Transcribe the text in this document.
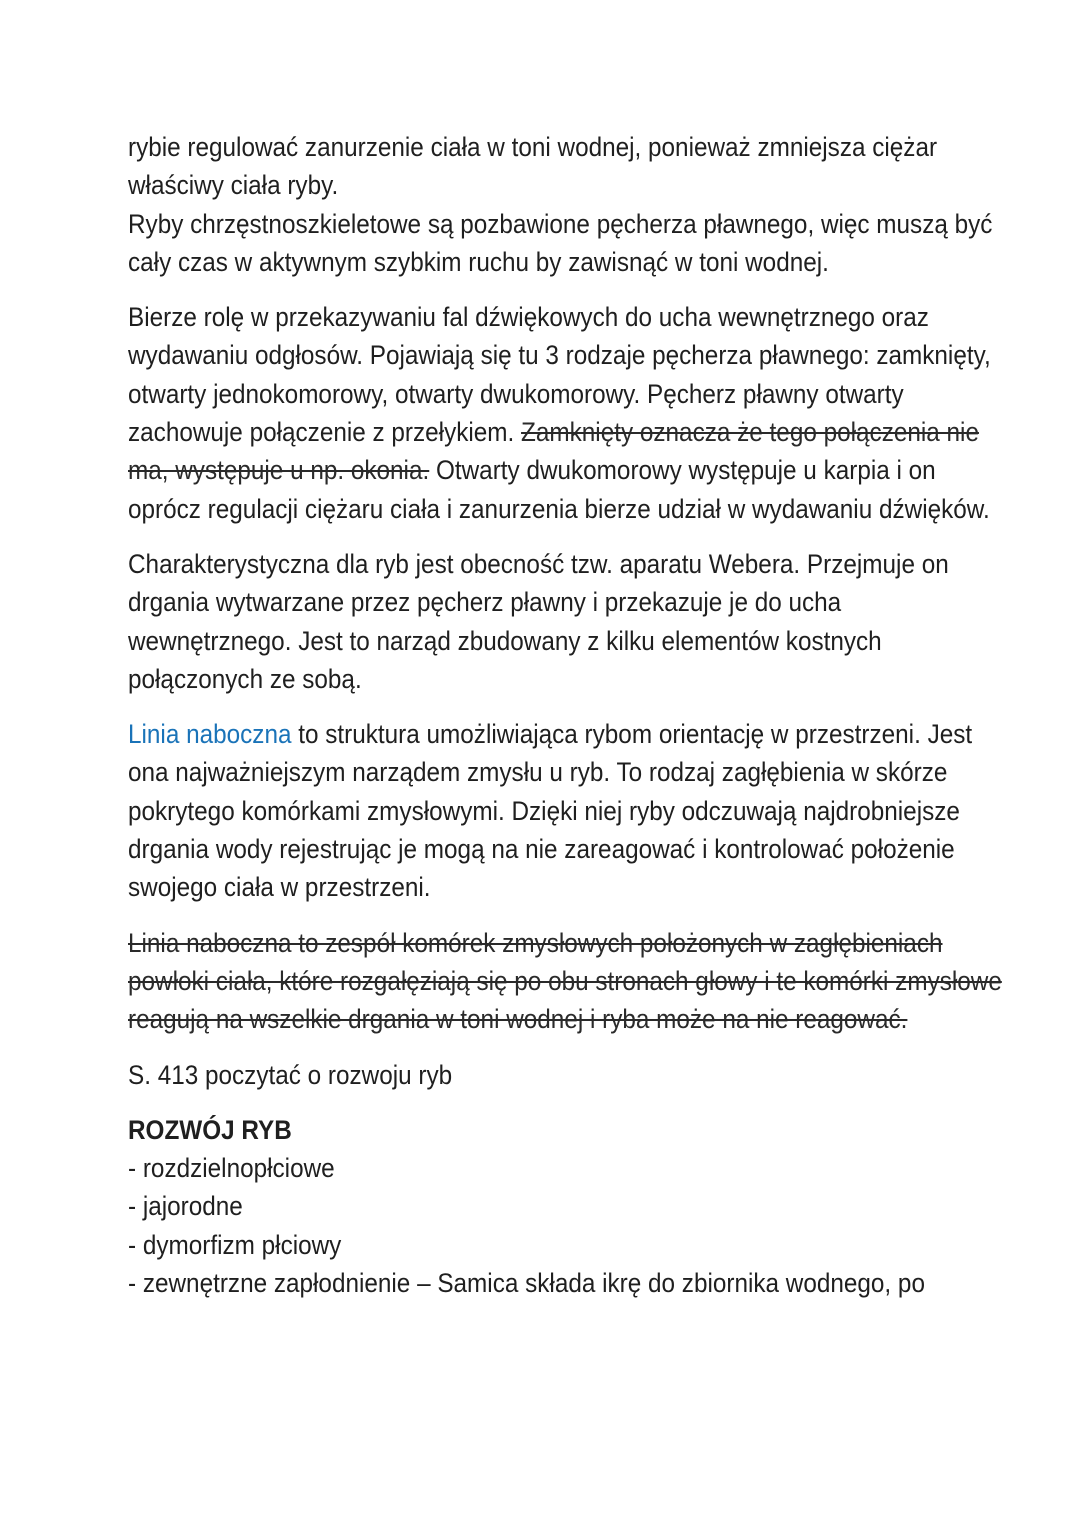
rybie regulować zanurzenie ciała w toni wodnej, ponieważ zmniejsza ciężar właściwy ciała ryby.

Ryby chrzęstnoszkieletowe są pozbawione pęcherza pławnego, więc muszą być cały czas w aktywnym szybkim ruchu by zawisnąć w toni wodnej.

Bierze rolę w przekazywaniu fal dźwiękowych do ucha wewnętrznego oraz wydawaniu odgłosów. Pojawiają się tu 3 rodzaje pęcherza pławnego: zamknięty, otwarty jednokomorowy, otwarty dwukomorowy. Pęcherz pławny otwarty zachowuje połączenie z przełykiem. Zamknięty oznacza że tego połączenia nie ma, występuje u np. okonia. Otwarty dwukomorowy występuje u karpia i on oprócz regulacji ciężaru ciała i zanurzenia bierze udział w wydawaniu dźwięków.

Charakterystyczna dla ryb jest obecność tzw. aparatu Webera. Przejmuje on drgania wytwarzane przez pęcherz pławny i przekazuje je do ucha wewnętrznego. Jest to narząd zbudowany z kilku elementów kostnych połączonych ze sobą.

Linia naboczna to struktura umożliwiająca rybom orientację w przestrzeni. Jest ona najważniejszym narządem zmysłu u ryb. To rodzaj zagłębienia w skórze pokrytego komórkami zmysłowymi. Dzięki niej ryby odczuwają najdrobniejsze drgania wody rejestrując je mogą na nie zareagować i kontrolować położenie swojego ciała w przestrzeni.

Linia naboczna to zespół komórek zmysłowych położonych w zagłębieniach powłoki ciała, które rozgałęziają się po obu stronach głowy i te komórki zmysłowe reagują na wszelkie drgania w toni wodnej i ryba może na nie reagować.

S. 413 poczytać o rozwoju ryb

ROZWÓJ RYB

- rozdzielnopłciowe
- jajorodne
- dymorfizm płciowy
- zewnętrzne zapłodnienie – Samica składa ikrę do zbiornika wodnego, po
